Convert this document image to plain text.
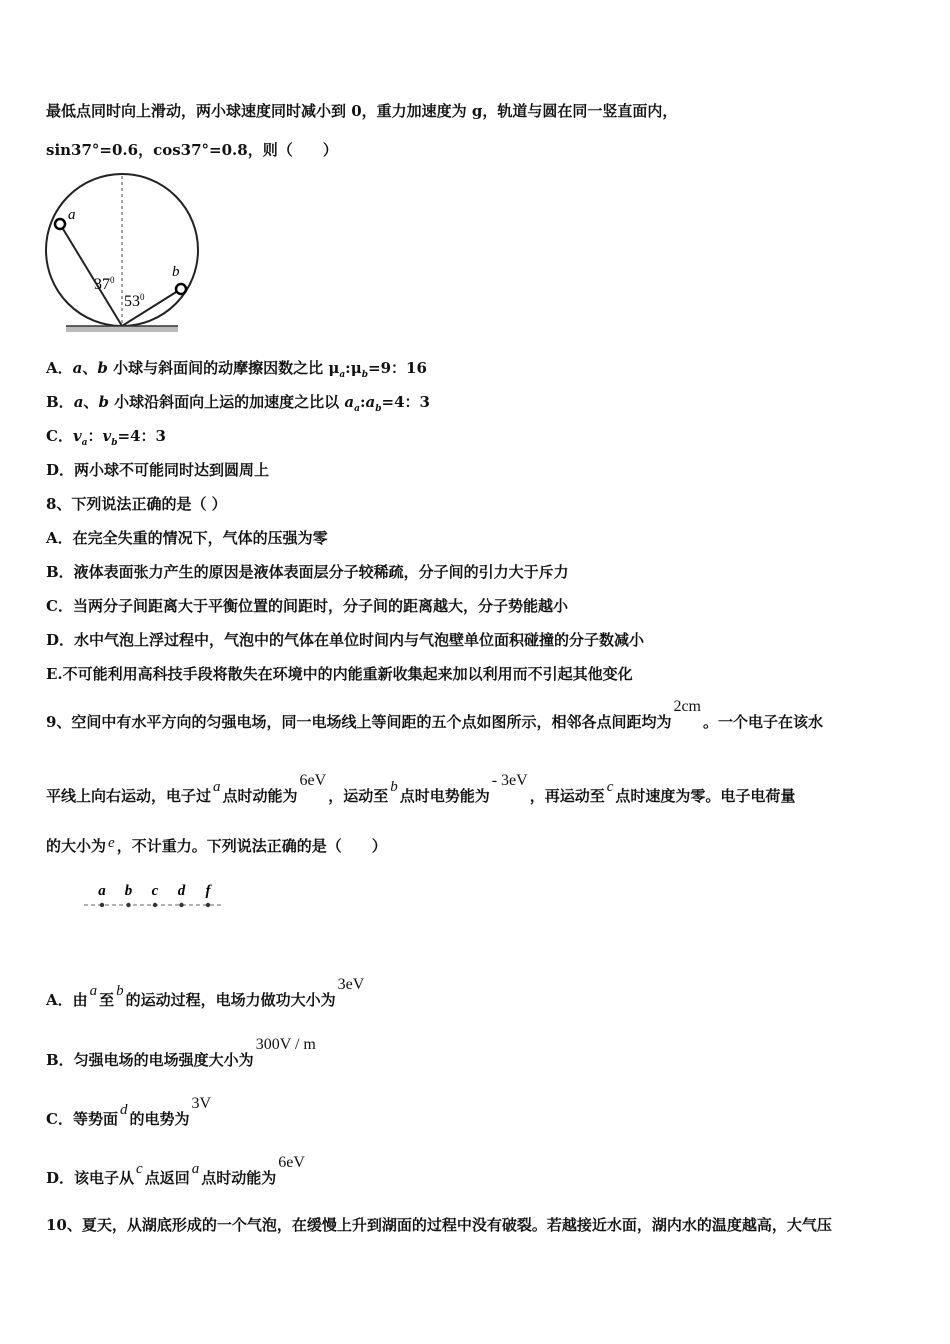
最低点同时向上滑动，两小球速度同时减小到 0，重力加速度为 g，轨道与圆在同一竖直面内，
sin37°=0.6，cos37°=0.8，则（　　）
a
b
$37^0$
$53^0$
A．a、b 小球与斜面间的动摩擦因数之比 $\mu_a:\mu_b=9$：16
B．a、b 小球沿斜面向上运的加速度之比以 $a_a:a_b=4$：3
C．$v_a$：$v_b=4$：3
D．两小球不可能同时达到圆周上
8、下列说法正确的是（ ）
A．在完全失重的情况下，气体的压强为零
B．液体表面张力产生的原因是液体表面层分子较稀疏，分子间的引力大于斥力
C．当两分子间距离大于平衡位置的间距时，分子间的距离越大，分子势能越小
D．水中气泡上浮过程中，气泡中的气体在单位时间内与气泡壁单位面积碰撞的分子数减小
E.不可能利用高科技手段将散失在环境中的内能重新收集起来加以利用而不引起其他变化
9、空间中有水平方向的匀强电场，同一电场线上等间距的五个点如图所示，相邻各点间距均为2cm。一个电子在该水
平线上向右运动，电子过 a 点时动能为6eV，运动至 b 点时电势能为- 3eV，再运动至 c 点时速度为零。电子电荷量
的大小为 e ，不计重力。下列说法正确的是（　　）
a b c d f
A．由 a 至 b 的运动过程，电场力做功大小为3eV
B．匀强电场的电场强度大小为300V / m
C．等势面 d 的电势为3V
D．该电子从 c 点返回 a 点时动能为6eV
10、夏天，从湖底形成的一个气泡，在缓慢上升到湖面的过程中没有破裂。若越接近水面，湖内水的温度越高，大气压
